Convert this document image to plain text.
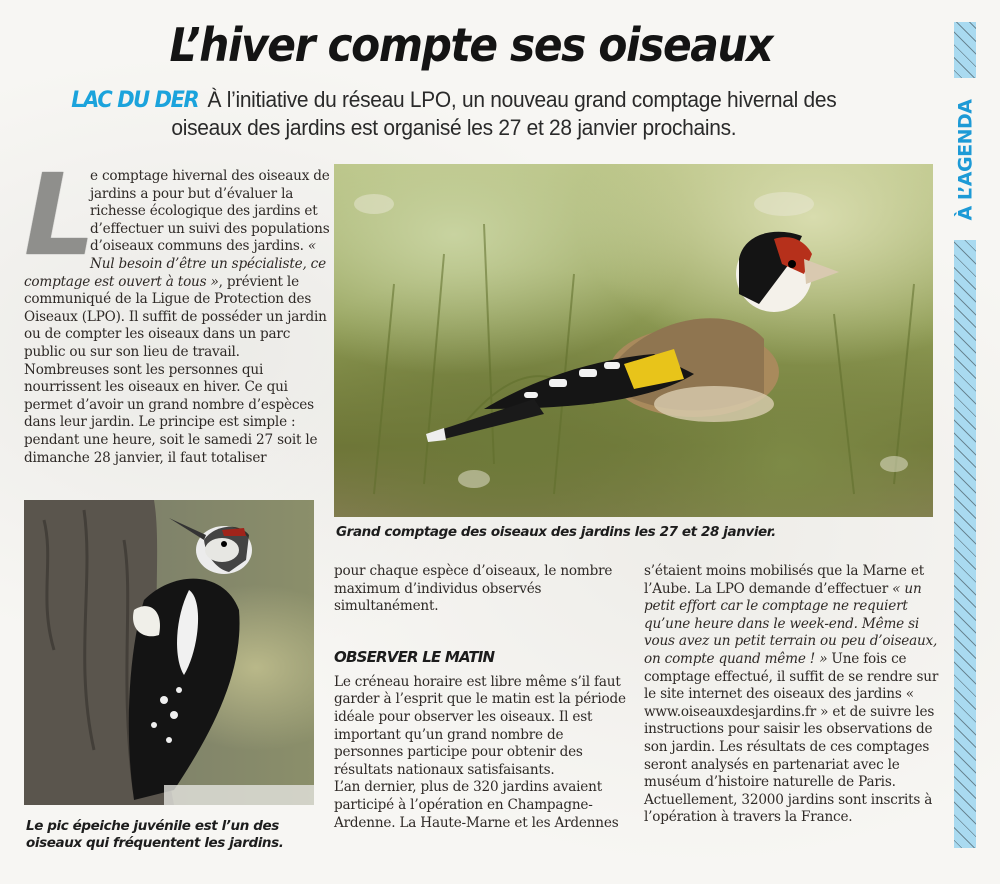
L’hiver compte ses oiseaux
LAC DU DER À l’initiative du réseau LPO, un nouveau grand comptage hivernal des oiseaux des jardins est organisé les 27 et 28 janvier prochains.	À L’AGENDA
L

e comptage hivernal des oiseaux de jardins a pour but d’évaluer la richesse écologique des jardins et d’effectuer un suivi des populations d’oiseaux communs des jardins. « Nul besoin d’être un spécialiste, ce comptage est ouvert à tous », prévient le communiqué de la Ligue de Protection des Oiseaux (LPO). Il suffit de posséder un jardin ou de compter les oiseaux dans un parc public ou sur son lieu de travail.

Nombreuses sont les personnes qui nourrissent les oiseaux en hiver. Ce qui permet d’avoir un grand nombre d’espèces dans leur jardin. Le principe est simple : pendant une heure, soit le samedi 27 soit le dimanche 28 janvier, il faut totaliser

Grand comptage des oiseaux des jardins les 27 et 28 janvier.
Le pic épeiche juvénile est l’un des oiseaux qui fréquentent les jardins.

pour chaque espèce d’oiseaux, le nombre maximum d’individus observés simultanément.

Le créneau horaire est libre même s’il faut garder à l’esprit que le matin est la période idéale pour observer les oiseaux. Il est important qu’un grand nombre de personnes participe pour obtenir des résultats nationaux satisfaisants.

L’an dernier, plus de 320 jardins avaient participé à l’opération en Champagne-Ardenne. La Haute-Marne et les Ardennes

OBSERVER LE MATIN

s’étaient moins mobilisés que la Marne et l’Aube. La LPO demande d’effectuer « un petit effort car le comptage ne requiert qu’une heure dans le week-end. Même si vous avez un petit terrain ou peu d’oiseaux, on compte quand même ! » Une fois ce comptage effectué, il suffit de se rendre sur le site internet des oiseaux des jardins « www.oiseauxdesjardins.fr » et de suivre les instructions pour saisir les observations de son jardin. Les résultats de ces comptages seront analysés en partenariat avec le muséum d’histoire naturelle de Paris. Actuellement, 32000 jardins sont inscrits à l’opération à travers la France.
